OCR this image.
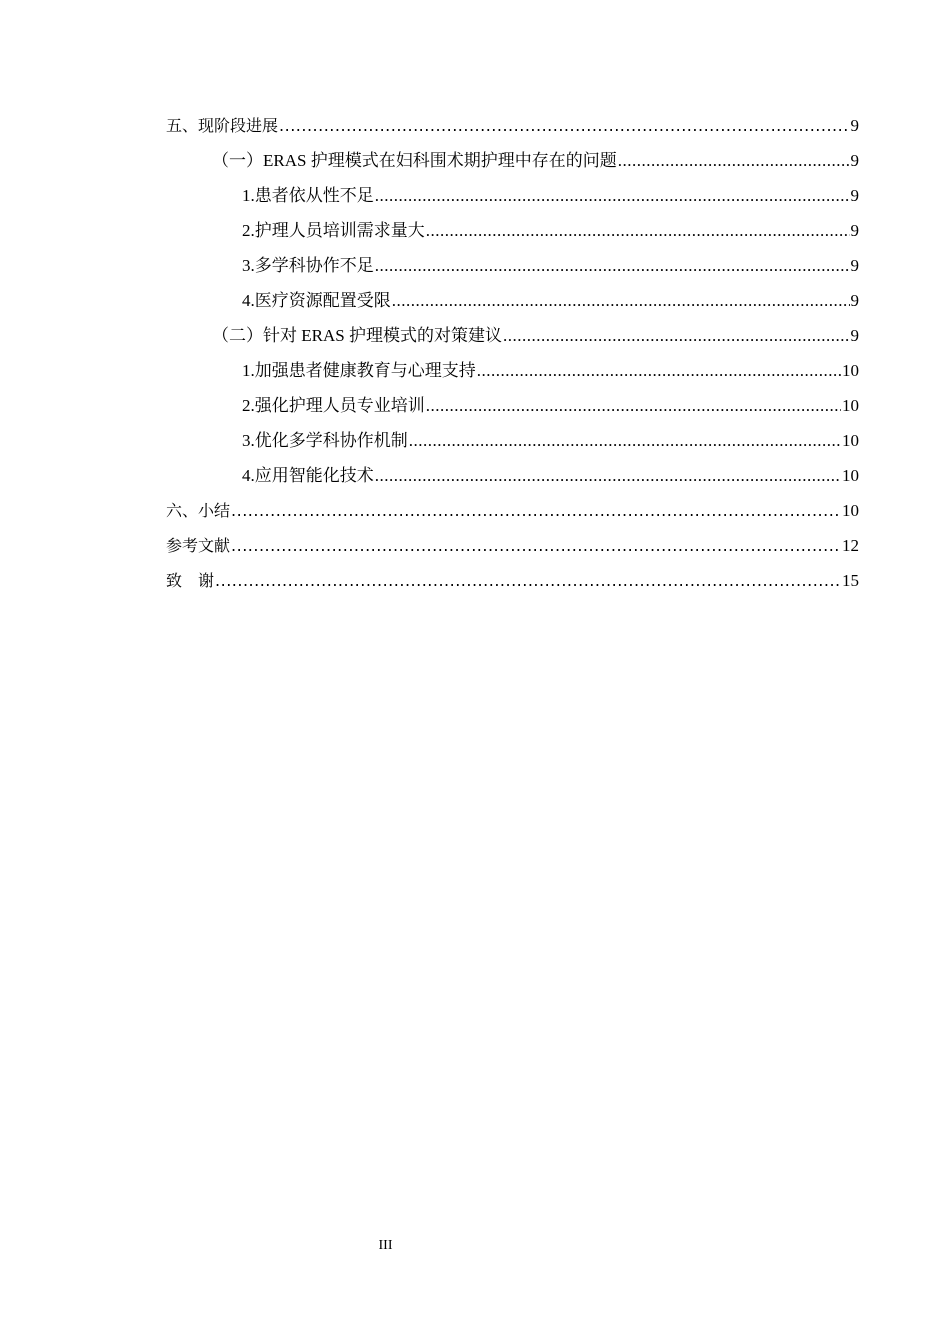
五、 现阶段进展 .....	9
（一） ERAS 护理模式在妇科围术期护理中存在的问题 .....	9
1. 患者依从性不足 .....	9
2. 护理人员培训需求量大 .....	9
3. 多学科协作不足 .....	9
4. 医疗资源配置受限 .....	9
（二） 针对 ERAS 护理模式的对策建议 .....	9
1. 加强患者健康教育与心理支持 .....	10
2. 强化护理人员专业培训 .....	10
3. 优化多学科协作机制 .....	10
4. 应用智能化技术 .....	10
六、 小结 .....	10
参考文献 .....	12
致　谢 .....	15
III
